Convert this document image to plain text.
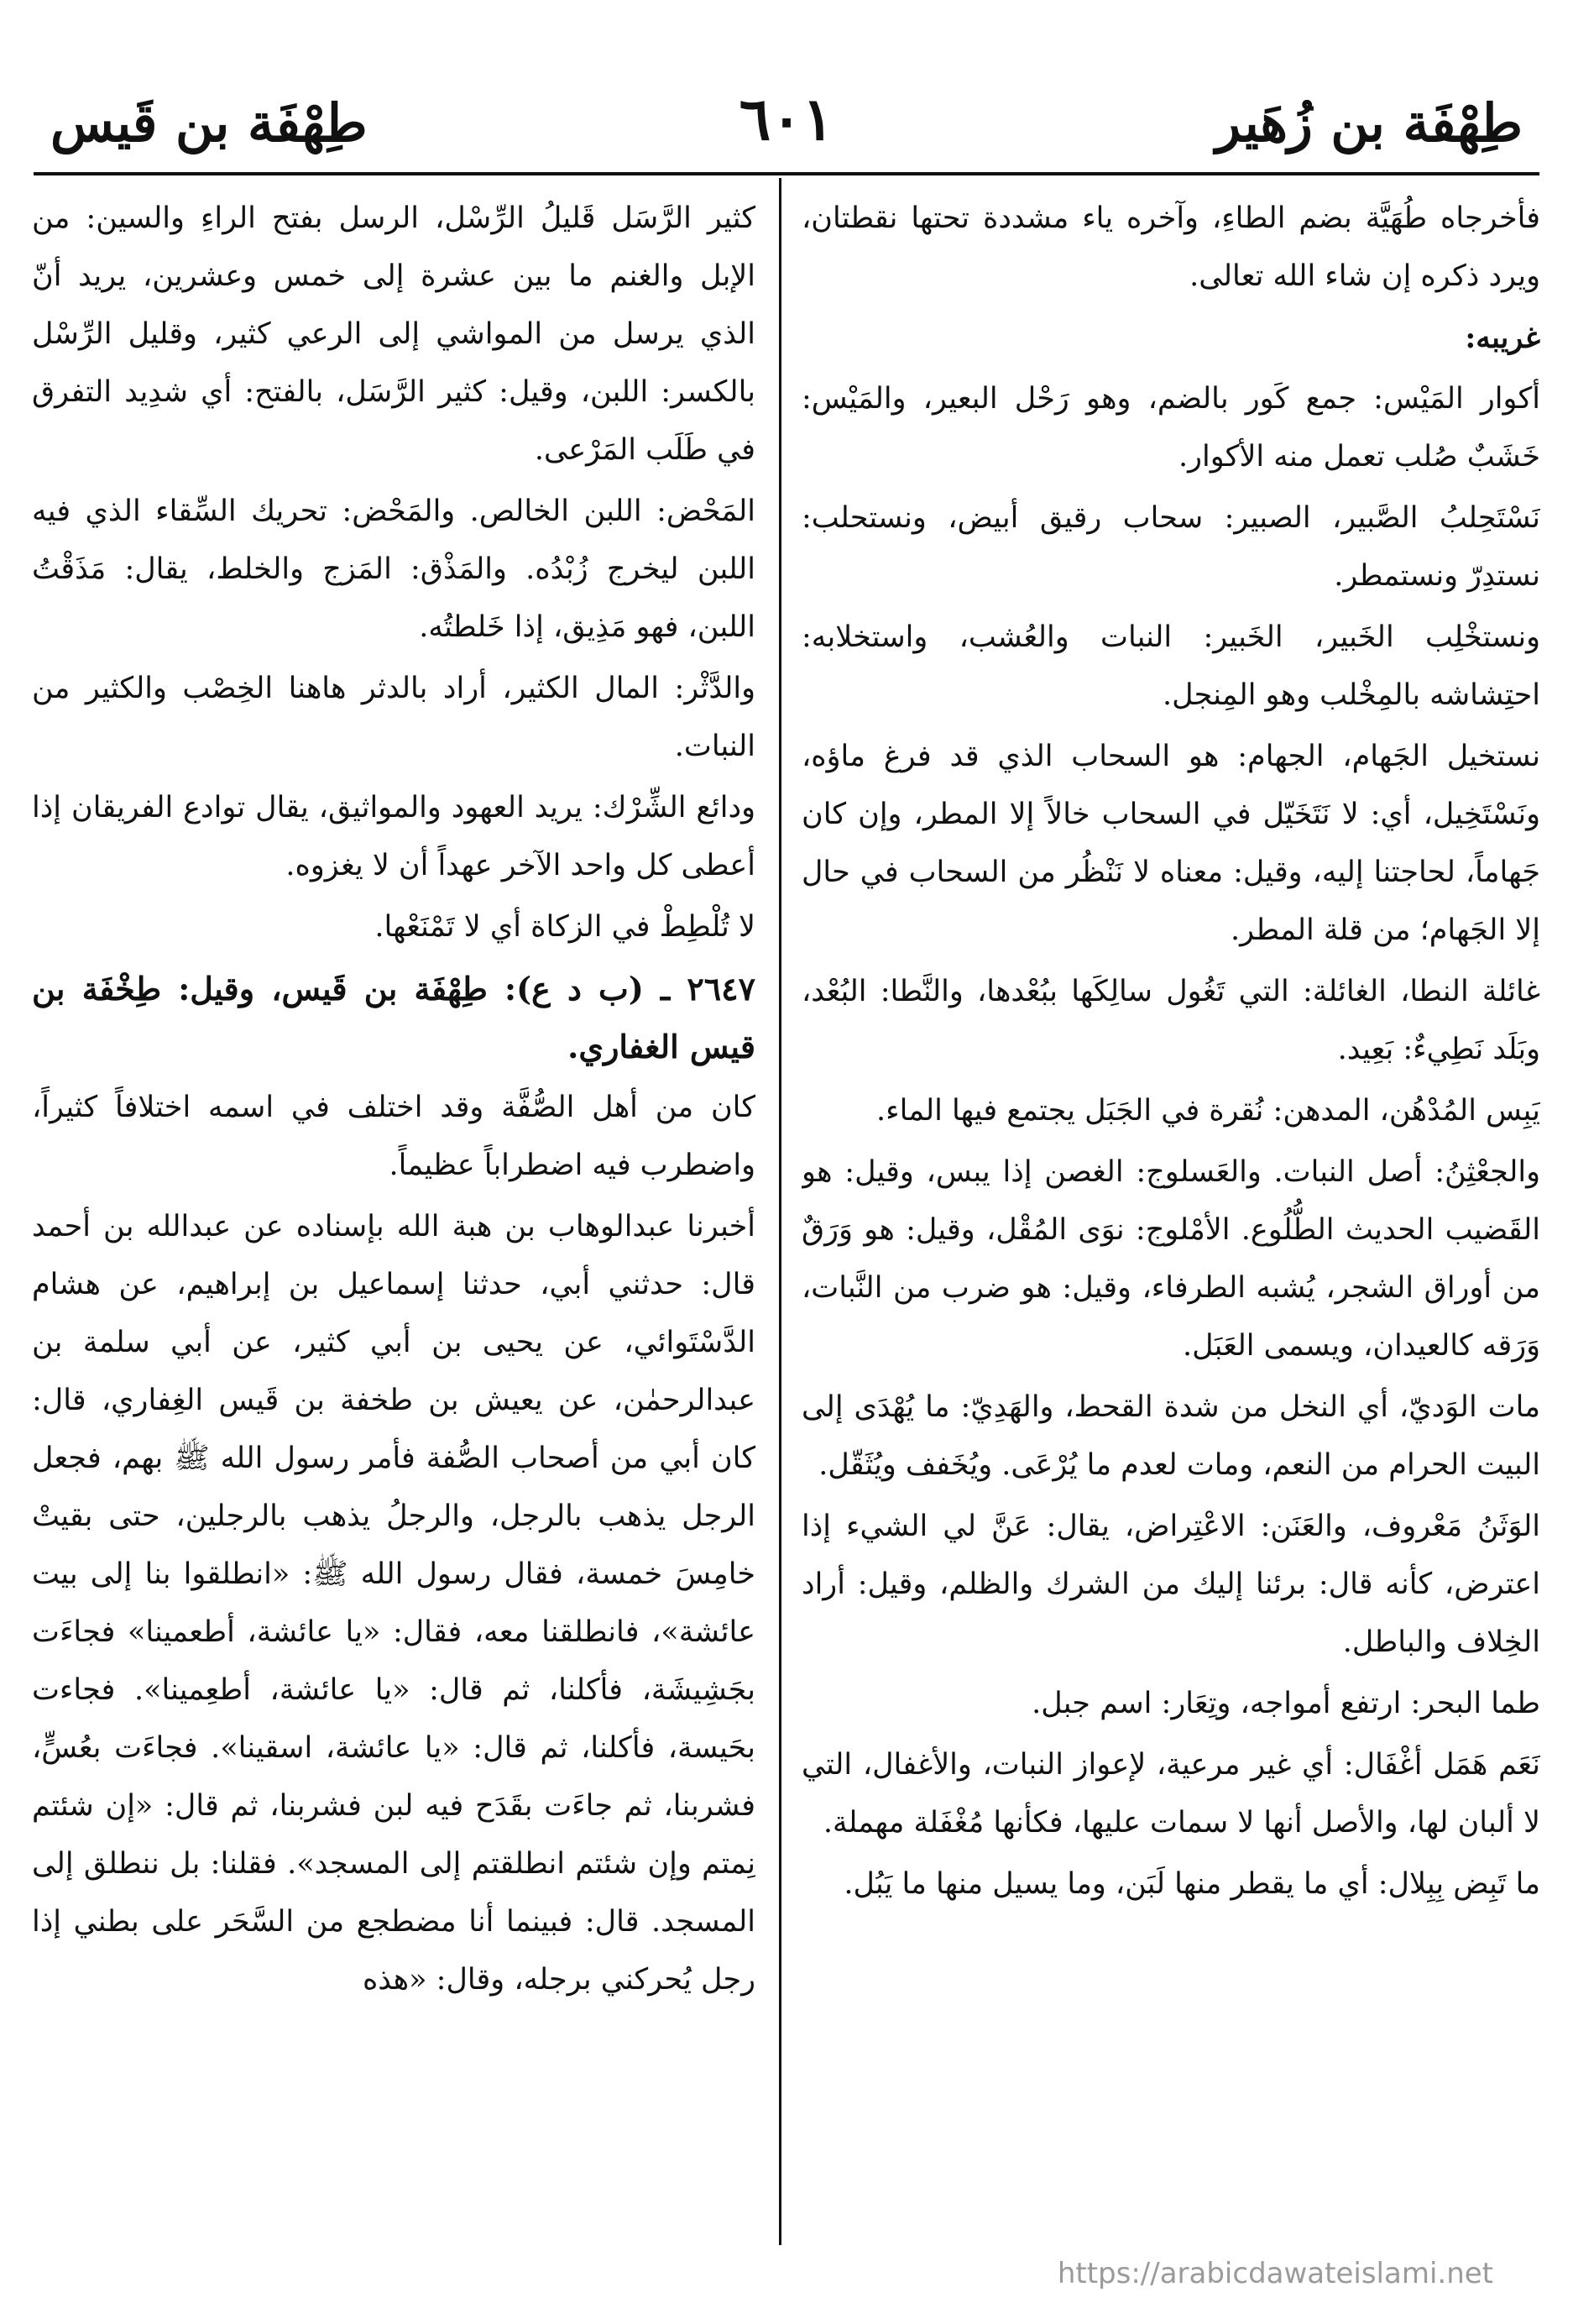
طِهْفَة بن زُهَير
٦٠١
طِهْفَة بن قَيس

فأخرجاه طُهَيَّة بضم الطاءِ، وآخره ياء مشددة تحتها نقطتان، ويرد ذكره إن شاء الله تعالى.

غريبه:

أكوار المَيْس: جمع كَور بالضم، وهو رَحْل البعير، والمَيْس: خَشَبٌ صُلب تعمل منه الأكوار.

نَسْتَحِلبُ الصَّبير، الصبير: سحاب رقيق أبيض، ونستحلب: نستدِرّ ونستمطر.

ونستخْلِب الخَبير، الخَبير: النبات والعُشب، واستخلابه: احتِشاشه بالمِخْلب وهو المِنجل.

نستخيل الجَهام، الجهام: هو السحاب الذي قد فرغ ماؤه، ونَسْتَخِيل، أي: لا نَتَخَيّل في السحاب خالاً إلا المطر، وإن كان جَهاماً، لحاجتنا إليه، وقيل: معناه لا نَنْظُر من السحاب في حال إلا الجَهام؛ من قلة المطر.

غائلة النطا، الغائلة: التي تَغُول سالِكَها ببُعْدها، والنَّطا: البُعْد، وبَلَد نَطِيءٌ: بَعِيد.

يَبِس المُدْهُن، المدهن: نُقرة في الجَبَل يجتمع فيها الماء.

والجعْثِنُ: أصل النبات. والعَسلوج: الغصن إذا يبس، وقيل: هو القَضيب الحديث الطُّلُوع. الأمْلوج: نوَى المُقْل، وقيل: هو وَرَقٌ من أوراق الشجر، يُشبه الطرفاء، وقيل: هو ضرب من النَّبات، وَرَقه كالعيدان، ويسمى العَبَل.

مات الوَديّ، أي النخل من شدة القحط، والهَدِيّ: ما يُهْدَى إلى البيت الحرام من النعم، ومات لعدم ما يُرْعَى. ويُخَفف ويُثَقّل.

الوَثَنُ مَعْروف، والعَنَن: الاعْتِراض، يقال: عَنَّ لي الشيء إذا اعترض، كأنه قال: برئنا إليك من الشرك والظلم، وقيل: أراد الخِلاف والباطل.

طما البحر: ارتفع أمواجه، وتِعَار: اسم جبل.

نَعَم هَمَل أغْفَال: أي غير مرعية، لإعواز النبات، والأغفال، التي لا ألبان لها، والأصل أنها لا سمات عليها، فكأنها مُغْفَلة مهملة.

ما تَبِض بِبِلال: أي ما يقطر منها لَبَن، وما يسيل منها ما يَبُل.

كثير الرَّسَل قَليلُ الرِّسْل، الرسل بفتح الراءِ والسين: من الإبل والغنم ما بين عشرة إلى خمس وعشرين، يريد أنّ الذي يرسل من المواشي إلى الرعي كثير، وقليل الرِّسْل بالكسر: اللبن، وقيل: كثير الرَّسَل، بالفتح: أي شدِيد التفرق في طَلَب المَرْعى.

المَحْض: اللبن الخالص. والمَحْض: تحريك السِّقاء الذي فيه اللبن ليخرج زُبْدُه. والمَذْق: المَزج والخلط، يقال: مَذَقْتُ اللبن، فهو مَذِيق، إذا خَلطتُه.

والدَّثْر: المال الكثير، أراد بالدثر هاهنا الخِصْب والكثير من النبات.

ودائع الشِّرْك: يريد العهود والمواثيق، يقال توادع الفريقان إذا أعطى كل واحد الآخر عهداً أن لا يغزوه.

لا تُلْطِطْ في الزكاة أي لا تَمْنَعْها.

٢٦٤٧ ـ (ب د ع): طِهْفَة بن قَيس، وقيل: طِخْفَة بن قيس الغفاري.

كان من أهل الصُّفَّة وقد اختلف في اسمه اختلافاً كثيراً، واضطرب فيه اضطراباً عظيماً.

أخبرنا عبدالوهاب بن هبة الله بإسناده عن عبدالله بن أحمد قال: حدثني أبي، حدثنا إسماعيل بن إبراهيم، عن هشام الدَّسْتَوائي، عن يحيى بن أبي كثير، عن أبي سلمة بن عبدالرحمٰن، عن يعيش بن طخفة بن قَيس الغِفاري، قال: كان أبي من أصحاب الصُّفة فأمر رسول الله ﷺ بهم، فجعل الرجل يذهب بالرجل، والرجلُ يذهب بالرجلين، حتى بقيتْ خامِسَ خمسة، فقال رسول الله ﷺ: «انطلقوا بنا إلى بيت عائشة»، فانطلقنا معه، فقال: «يا عائشة، أطعمينا» فجاءَت بجَشِيشَة، فأكلنا، ثم قال: «يا عائشة، أطعِمينا». فجاءت بحَيسة، فأكلنا، ثم قال: «يا عائشة، اسقينا». فجاءَت بعُسٍّ، فشربنا، ثم جاءَت بقَدَح فيه لبن فشربنا، ثم قال: «إن شئتم نِمتم وإن شئتم انطلقتم إلى المسجد». فقلنا: بل ننطلق إلى المسجد. قال: فبينما أنا مضطجع من السَّحَر على بطني إذا رجل يُحركني برجله، وقال: «هذه

https://arabicdawateislami.net
